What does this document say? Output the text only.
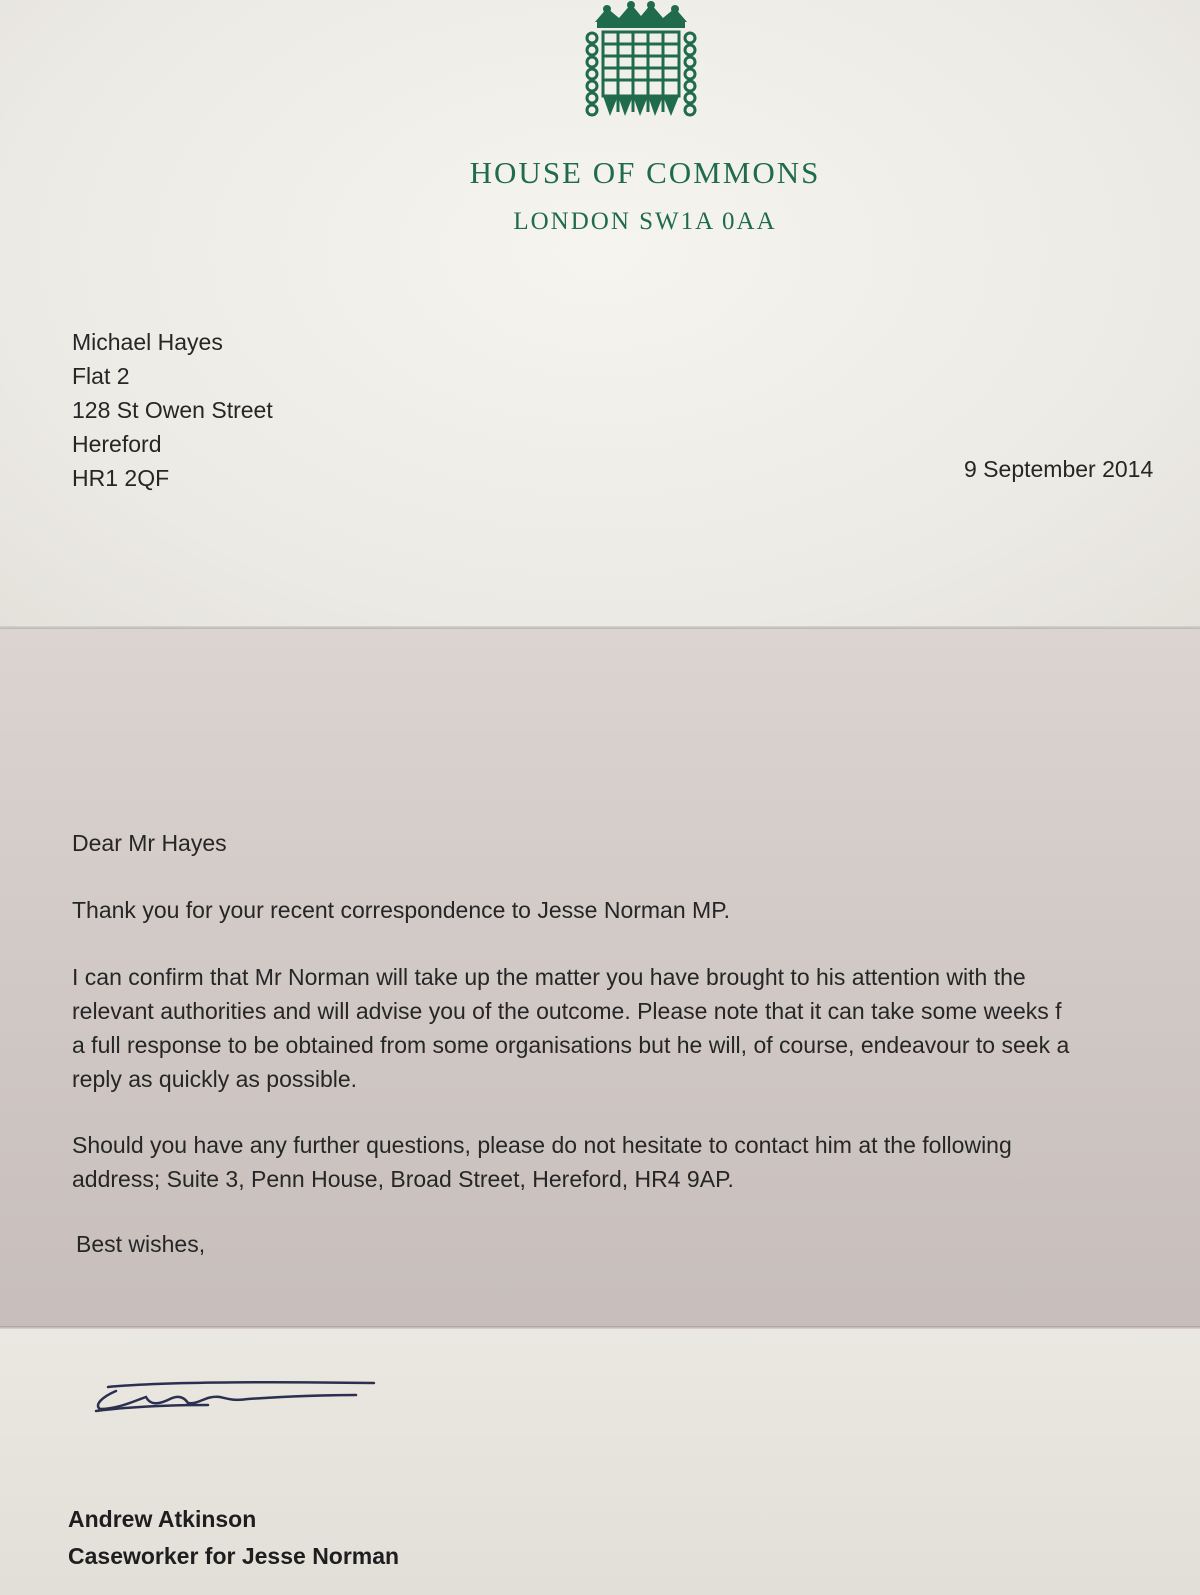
HOUSE OF COMMONS
LONDON SW1A 0AA
Michael Hayes
Flat 2
128 St Owen Street
Hereford
HR1 2QF	9 September 2014
Dear Mr Hayes
Thank you for your recent correspondence to Jesse Norman MP.
I can confirm that Mr Norman will take up the matter you have brought to his attention with the
relevant authorities and will advise you of the outcome. Please note that it can take some weeks f
a full response to be obtained from some organisations but he will, of course, endeavour to seek a
reply as quickly as possible.
Should you have any further questions, please do not hesitate to contact him at the following
address; Suite 3, Penn House, Broad Street, Hereford, HR4 9AP.
Best wishes,
Andrew Atkinson
Caseworker for Jesse Norman
